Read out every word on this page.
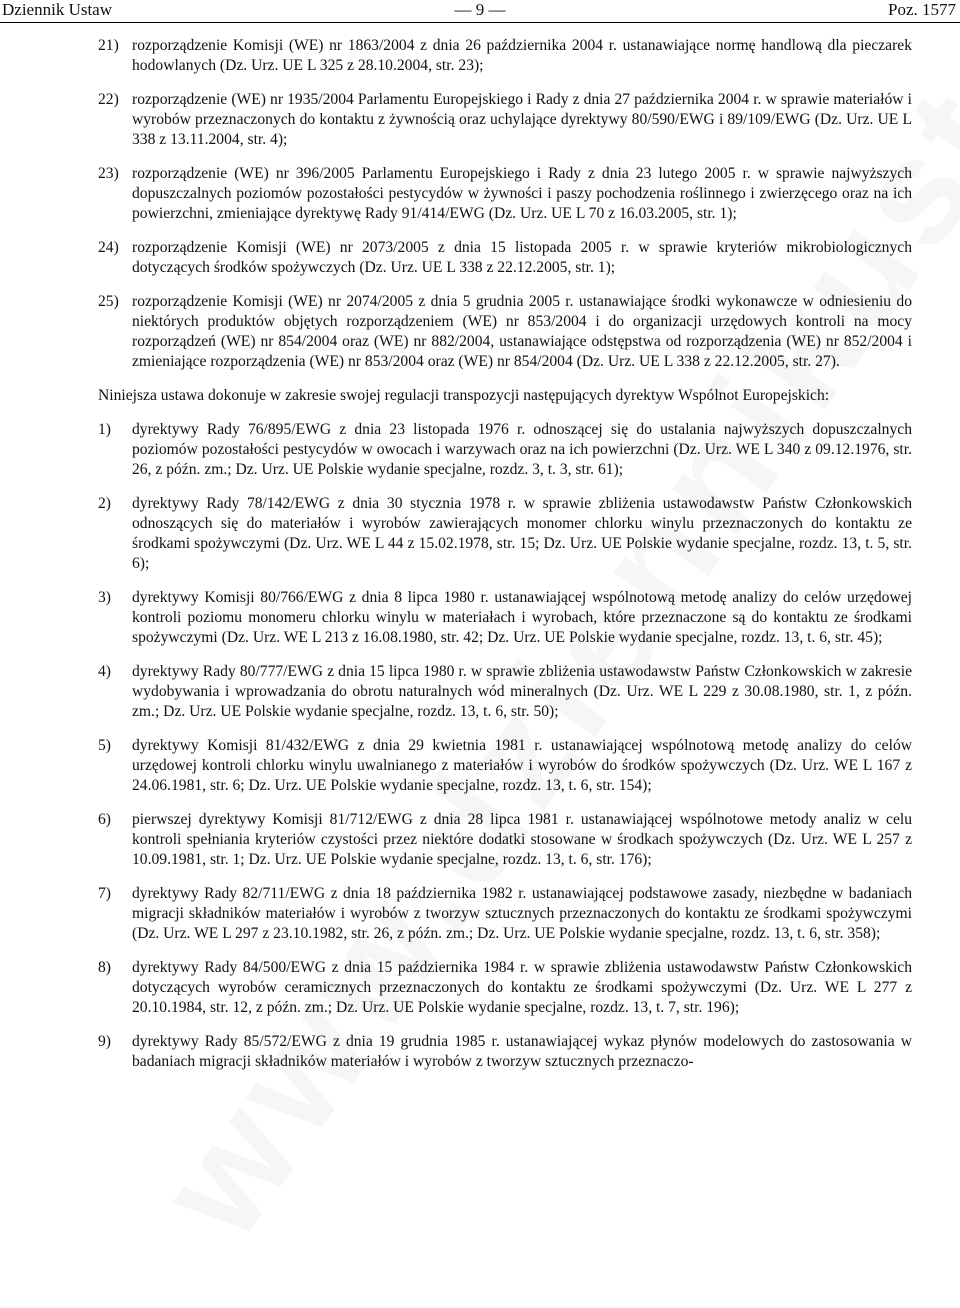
Dziennik Ustaw	— 9 —	Poz. 1577
21) rozporządzenie Komisji (WE) nr 1863/2004 z dnia 26 października 2004 r. ustanawiające normę handlową dla pieczarek hodowlanych (Dz. Urz. UE L 325 z 28.10.2004, str. 23);
22) rozporządzenie (WE) nr 1935/2004 Parlamentu Europejskiego i Rady z dnia 27 października 2004 r. w sprawie materiałów i wyrobów przeznaczonych do kontaktu z żywnością oraz uchylające dyrektywy 80/590/EWG i 89/109/EWG (Dz. Urz. UE L 338 z 13.11.2004, str. 4);
23) rozporządzenie (WE) nr 396/2005 Parlamentu Europejskiego i Rady z dnia 23 lutego 2005 r. w sprawie najwyższych dopuszczalnych poziomów pozostałości pestycydów w żywności i paszy pochodzenia roślinnego i zwierzęcego oraz na ich powierzchni, zmieniające dyrektywę Rady 91/414/EWG (Dz. Urz. UE L 70 z 16.03.2005, str. 1);
24) rozporządzenie Komisji (WE) nr 2073/2005 z dnia 15 listopada 2005 r. w sprawie kryteriów mikrobiologicznych dotyczących środków spożywczych (Dz. Urz. UE L 338 z 22.12.2005, str. 1);
25) rozporządzenie Komisji (WE) nr 2074/2005 z dnia 5 grudnia 2005 r. ustanawiające środki wykonawcze w odniesieniu do niektórych produktów objętych rozporządzeniem (WE) nr 853/2004 i do organizacji urzędowych kontroli na mocy rozporządzeń (WE) nr 854/2004 oraz (WE) nr 882/2004, ustanawiające odstępstwa od rozporządzenia (WE) nr 852/2004 i zmieniające rozporządzenia (WE) nr 853/2004 oraz (WE) nr 854/2004 (Dz. Urz. UE L 338 z 22.12.2005, str. 27).

Niniejsza ustawa dokonuje w zakresie swojej regulacji transpozycji następujących dyrektyw Wspólnot Europejskich:

1)	dyrektywy Rady 76/895/EWG z dnia 23 listopada 1976 r. odnoszącej się do ustalania najwyższych dopuszczalnych poziomów pozostałości pestycydów w owocach i warzywach oraz na ich powierzchni (Dz. Urz. WE L 340 z 09.12.1976, str. 26, z późn. zm.; Dz. Urz. UE Polskie wydanie specjalne, rozdz. 3, t. 3, str. 61);
2)	dyrektywy Rady 78/142/EWG z dnia 30 stycznia 1978 r. w sprawie zbliżenia ustawodawstw Państw Członkowskich odnoszących się do materiałów i wyrobów zawierających monomer chlorku winylu przeznaczonych do kontaktu ze środkami spożywczymi (Dz. Urz. WE L 44 z 15.02.1978, str. 15; Dz. Urz. UE Polskie wydanie specjalne, rozdz. 13, t. 5, str. 6);
3)	dyrektywy Komisji 80/766/EWG z dnia 8 lipca 1980 r. ustanawiającej wspólnotową metodę analizy do celów urzędowej kontroli poziomu monomeru chlorku winylu w materiałach i wyrobach, które przeznaczone są do kontaktu ze środkami spożywczymi (Dz. Urz. WE L 213 z 16.08.1980, str. 42; Dz. Urz. UE Polskie wydanie specjalne, rozdz. 13, t. 6, str. 45);
4)	dyrektywy Rady 80/777/EWG z dnia 15 lipca 1980 r. w sprawie zbliżenia ustawodawstw Państw Członkowskich w zakresie wydobywania i wprowadzania do obrotu naturalnych wód mineralnych (Dz. Urz. WE L 229 z 30.08.1980, str. 1, z późn. zm.; Dz. Urz. UE Polskie wydanie specjalne, rozdz. 13, t. 6, str. 50);
5)	dyrektywy Komisji 81/432/EWG z dnia 29 kwietnia 1981 r. ustanawiającej wspólnotową metodę analizy do celów urzędowej kontroli chlorku winylu uwalnianego z materiałów i wyrobów do środków spożywczych (Dz. Urz. WE L 167 z 24.06.1981, str. 6; Dz. Urz. UE Polskie wydanie specjalne, rozdz. 13, t. 6, str. 154);
6)	pierwszej dyrektywy Komisji 81/712/EWG z dnia 28 lipca 1981 r. ustanawiającej wspólnotowe metody analiz w celu kontroli spełniania kryteriów czystości przez niektóre dodatki stosowane w środkach spożywczych (Dz. Urz. WE L 257 z 10.09.1981, str. 1; Dz. Urz. UE Polskie wydanie specjalne, rozdz. 13, t. 6, str. 176);
7)	dyrektywy Rady 82/711/EWG z dnia 18 października 1982 r. ustanawiającej podstawowe zasady, niezbędne w badaniach migracji składników materiałów i wyrobów z tworzyw sztucznych przeznaczonych do kontaktu ze środkami spożywczymi (Dz. Urz. WE L 297 z 23.10.1982, str. 26, z późn. zm.; Dz. Urz. UE Polskie wydanie specjalne, rozdz. 13, t. 6, str. 358);
8)	dyrektywy Rady 84/500/EWG z dnia 15 października 1984 r. w sprawie zbliżenia ustawodawstw Państw Członkowskich dotyczących wyrobów ceramicznych przeznaczonych do kontaktu ze środkami spożywczymi (Dz. Urz. WE L 277 z 20.10.1984, str. 12, z późn. zm.; Dz. Urz. UE Polskie wydanie specjalne, rozdz. 13, t. 7, str. 196);
9)	dyrektywy Rady 85/572/EWG z dnia 19 grudnia 1985 r. ustanawiającej wykaz płynów modelowych do zastosowania w badaniach migracji składników materiałów i wyrobów z tworzyw sztucznych przeznaczo-
